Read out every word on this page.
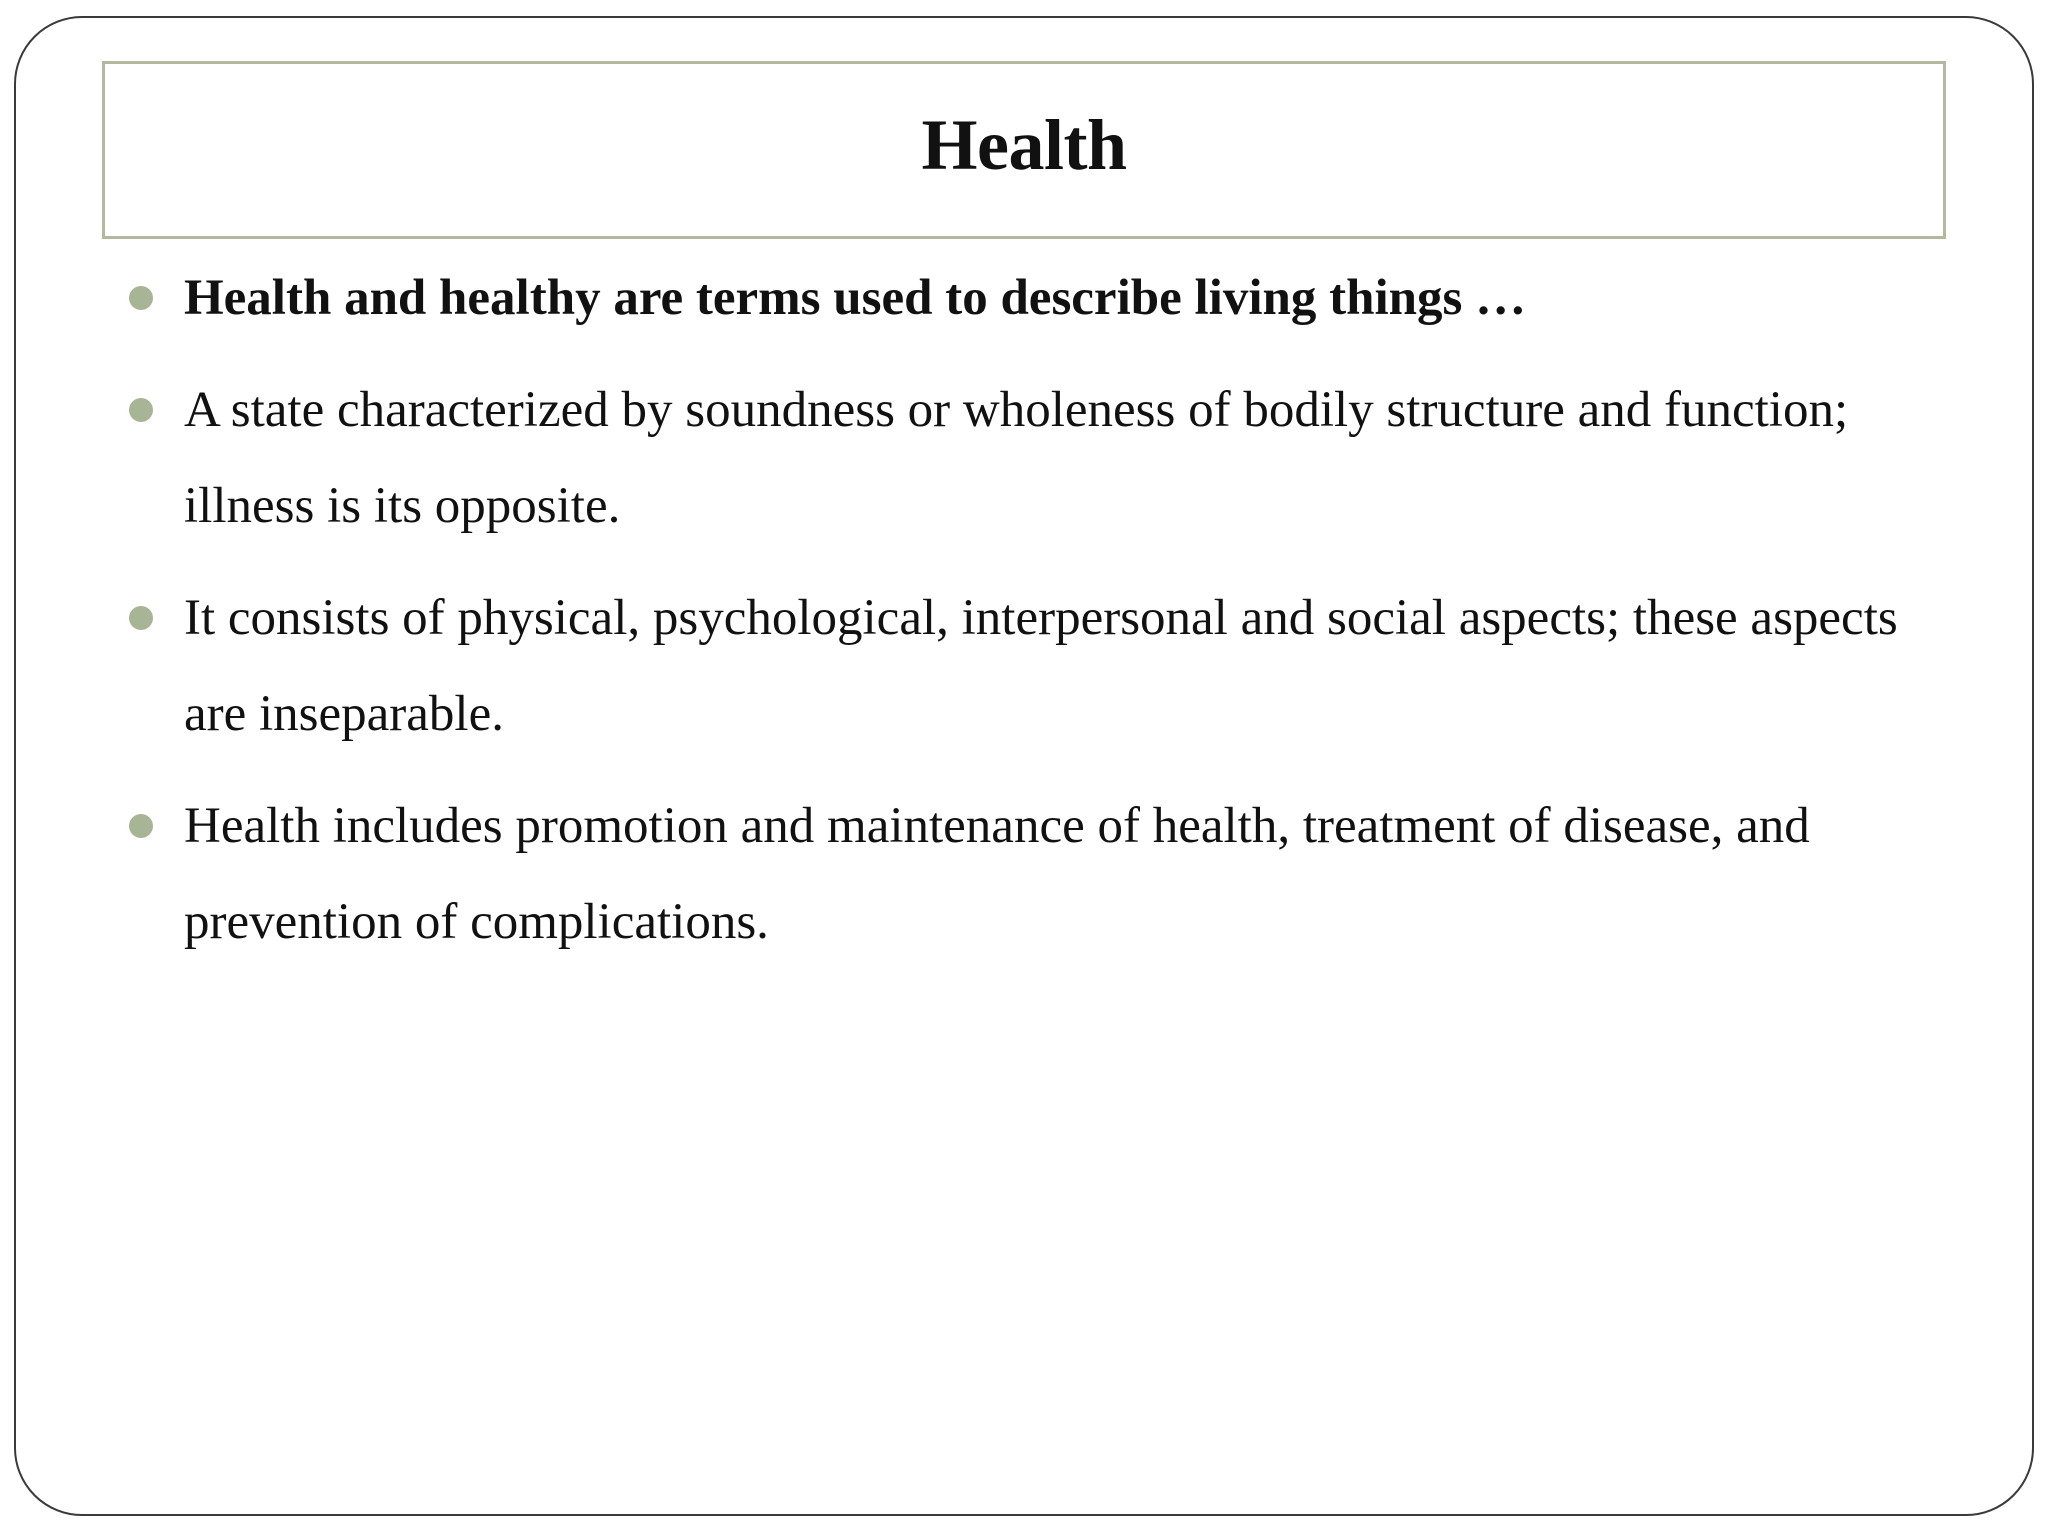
Health
Health and healthy are terms used to describe living things …
A state characterized by soundness or wholeness of bodily structure and function; illness is its opposite.
It consists of physical, psychological, interpersonal and social aspects; these aspects are inseparable.
Health includes promotion and maintenance of health, treatment of disease, and prevention of complications.
